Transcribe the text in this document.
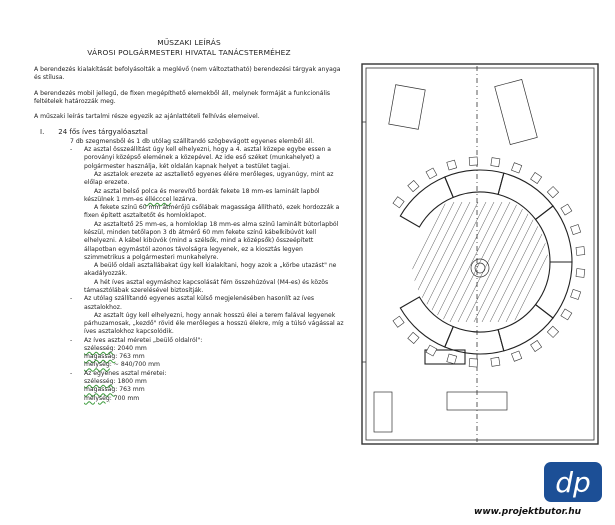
MŰSZAKI LEÍRÁS
VÁROSI POLGÁRMESTERI HIVATAL TANÁCSTERMÉHEZ

A berendezés kialakítását befolyásolták a meglévő (nem változtatható) berendezési tárgyak anyaga és stílusa.

A berendezés mobil jellegű, de fixen megépíthető elemekből áll, melynek formáját a funkcionális feltételek határozzák meg.

A műszaki leírás tartalmi része egyezik az ajánlattételi felhívás elemeivel.

I. 24 fős íves tárgyalóasztal

7 db szegmensből és 1 db utólag szállítandó szögbevágott egyenes elemből áll.

-	Az asztal összeállítást úgy kell elhelyezni, hogy a 4. asztal közepe egybe essen a poroványi középső elemének a közepével. Az ide eső széket (munkahelyet) a polgármester használja, két oldalán kapnak helyet a testület tagjai.

Az asztalok erezete az asztallető egyenes élére merőleges, ugyanúgy, mint az előlap erezete.

Az asztal belső polca és merevítő bordák fekete 18 mm-es laminált lapból készülnek 1 mm-es éllécccel lezárva.

A fekete színű 60 mm átmérőjű csőlábak magassága állítható, ezek hordozzák a fixen épített asztaltetőt és homloklapot.

Az asztaltető 25 mm-es, a homloklap 18 mm-es alma színű laminált bútorlapból készül, minden tetőlapon 3 db átmérő 60 mm fekete színű kábelkibúvót kell elhelyezni. A kábel kibúvók (mind a szélsők, mind a középsők) összeépített állapotban egymástól azonos távolságra legyenek, ez a kiosztás legyen szimmetrikus a polgármesteri munkahelyre.

A beülő oldali asztallábakat úgy kell kialakítani, hogy azok a „körbe utazást" ne akadályozzák.

A hét íves asztal egymáshoz kapcsolását fém összehúzóval (M4-es) és közös támasztólábak szerelésével biztosítják.

-	Az utólag szállítandó egyenes asztal külső megjelenésében hasonlít az íves asztalokhoz.

Az asztalt úgy kell elhelyezni, hogy annak hosszú élei a terem falával legyenek párhuzamosak, „kezdő" rövid éle merőleges a hosszú élekre, míg a túlsó vágással az íves asztalokhoz kapcsolódik.

-	Az íves asztal méretei „beülő oldalról":

szélesség: 2040 mm

magasság: 763 mm

mélység: ~ 840/700 mm

-	Az egyenes asztal méretei:

szélesség: 1800 mm

magasság: 763 mm

mélység: 700 mm

dp
www.projektbutor.hu
